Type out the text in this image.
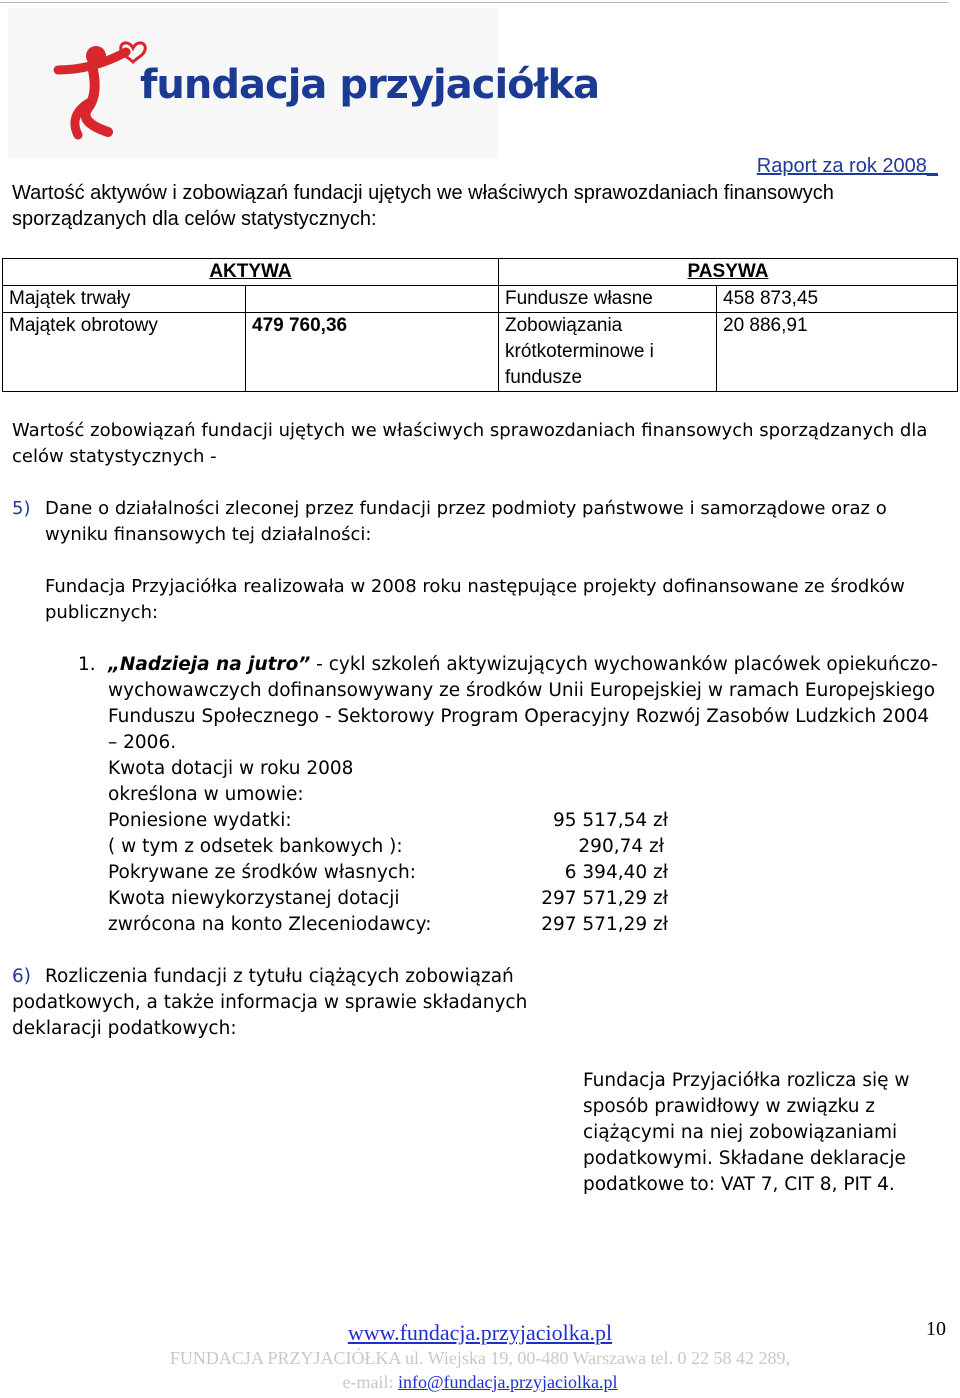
fundacja przyjaciółka
Raport za rok 2008_
Wartość aktywów i zobowiązań fundacji ujętych we właściwych sprawozdaniach finansowych sporządzanych dla celów statystycznych:
AKTYWA		PASYWA	
Majątek trwały		Fundusze własne	458 873,45
Majątek obrotowy	479 760,36	Zobowiązania krótkoterminowe i fundusze	20 886,91
Wartość zobowiązań fundacji ujętych we właściwych sprawozdaniach finansowych sporządzanych dla celów statystycznych -
5) Dane o działalności zleconej przez fundacji przez podmioty państwowe i samorządowe oraz o wyniku finansowych tej działalności:
Fundacja Przyjaciółka realizowała w 2008 roku następujące projekty dofinansowane ze środków publicznych:
1. „Nadzieja na jutro” - cykl szkoleń aktywizujących wychowanków placówek opiekuńczo-wychowawczych dofinansowywany ze środków Unii Europejskiej w ramach Europejskiego Funduszu Społecznego - Sektorowy Program Operacyjny Rozwój Zasobów Ludzkich 2004 – 2006.
Kwota dotacji w roku 2008
określona w umowie:
Poniesione wydatki:	95 517,54 zł
( w tym z odsetek bankowych ):	290,74 zł
Pokrywane ze środków własnych:	6 394,40 zł
Kwota niewykorzystanej dotacji	297 571,29 zł
zwrócona na konto Zleceniodawcy:	297 571,29 zł
6) Rozliczenia fundacji z tytułu ciążących zobowiązań podatkowych, a także informacja w sprawie składanych deklaracji podatkowych:
Fundacja Przyjaciółka rozlicza się w sposób prawidłowy w związku z ciążącymi na niej zobowiązaniami podatkowymi. Składane deklaracje podatkowe to: VAT 7, CIT 8, PIT 4.
www.fundacja.przyjaciolka.pl	10
FUNDACJA PRZYJACIÓŁKA ul. Wiejska 19, 00-480 Warszawa tel. 0 22 58 42 289,
e-mail: info@fundacja.przyjaciolka.pl
